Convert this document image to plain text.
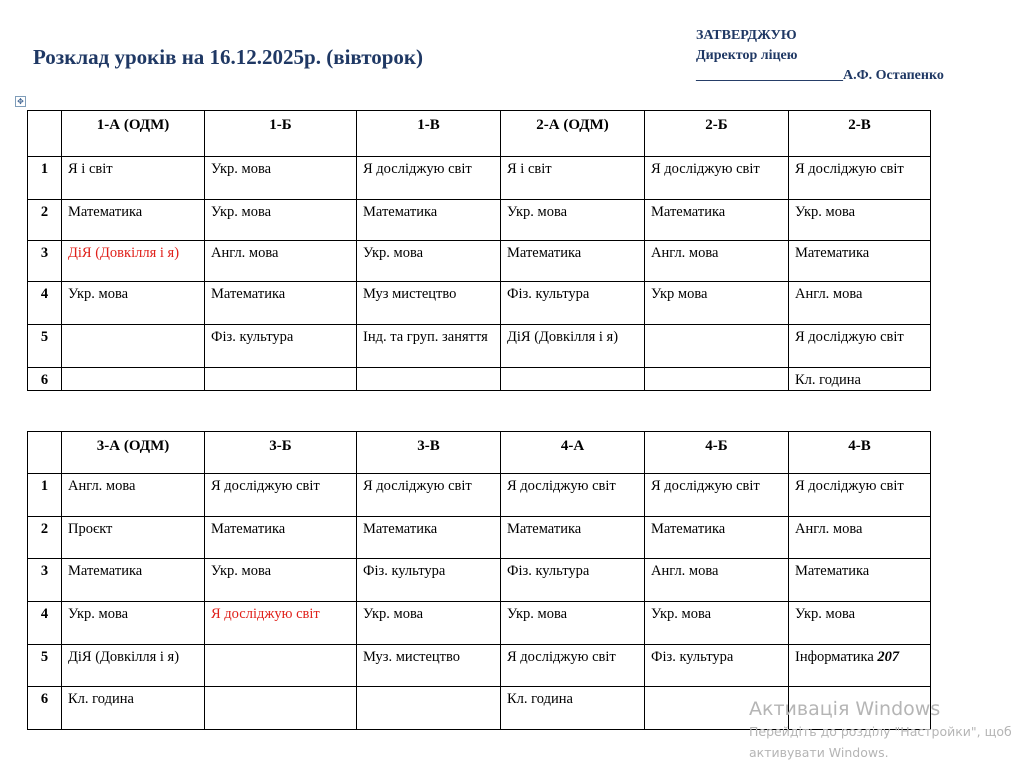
Розклад уроків на 16.12.2025р. (вівторок)
ЗАТВЕРДЖУЮ
Директор ліцею
_____________________А.Ф. Остапенко
✥
	1-А (ОДМ)	1-Б	1-В	2-А (ОДМ)	2-Б	2-В
1	Я і світ	Укр. мова	Я досліджую світ	Я і світ	Я досліджую світ	Я досліджую світ
2	Математика	Укр. мова	Математика	Укр. мова	Математика	Укр. мова
3	ДіЯ (Довкілля і я)	Англ. мова	Укр. мова	Математика	Англ. мова	Математика
4	Укр. мова	Математика	Муз мистецтво	Фіз. культура	Укр мова	Англ. мова
5		Фіз. культура	Інд. та груп. заняття	ДіЯ (Довкілля і я)		Я досліджую світ
6						Кл. година
	3-А (ОДМ)	3-Б	3-В	4-А	4-Б	4-В
1	Англ. мова	Я досліджую світ	Я досліджую світ	Я досліджую світ	Я досліджую світ	Я досліджую світ
2	Проєкт	Математика	Математика	Математика	Математика	Англ. мова
3	Математика	Укр. мова	Фіз. культура	Фіз. культура	Англ. мова	Математика
4	Укр. мова	Я досліджую світ	Укр. мова	Укр. мова	Укр. мова	Укр. мова
5	ДіЯ (Довкілля і я)		Муз. мистецтво	Я досліджую світ	Фіз. культура	Інформатика 207
6	Кл. година			Кл. година			Активація Windows
Перейдіть до розділу "Настройки", щоб
активувати Windows.
